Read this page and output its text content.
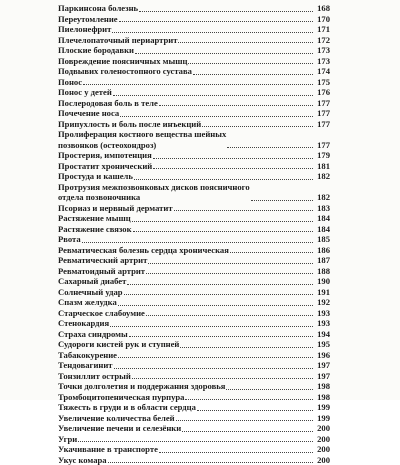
Паркинсона болезнь	168
Переутомление	170
Пиелонефрит	171
Плечелопаточный периартрит	172
Плоские бородавки	173
Повреждение поясничных мышц	173
Подвывих голеностопного сустава	174
Понос	175
Понос у детей	176
Послеродовая боль в теле	177
Почечение носа	177
Припухлость и боль после инъекций	177
Пролиферация костного вещества шейных
позвонков (остеохондроз)	177
Простерия, импотенция	179
Простатит хронический	181
Простуда и кашель	182
Протрузия межпозвонковых дисков поясничного
отдела позвоночника	182
Псориаз и нервный дерматит	183
Растяжение мышц	184
Растяжение связок	184
Рвота	185
Ревматическая болезнь сердца хроническая	186
Ревматический артрит	187
Ревматоидный артрит	188
Сахарный диабет	190
Солнечный удар	191
Спазм желудка	192
Старческое слабоумие	193
Стенокардия	193
Страха синдромы	194
Судороги кистей рук и ступней	195
Табакокурение	196
Тендовагинит	197
Тонзиллит острый	197
Точки долголетия и поддержания здоровья	198
Тромбоцитопеническая пурпура	198
Тяжесть в груди и в области сердца	199
Увеличение количества белей	199
Увеличение печени и селезёнки	200
Угри	200
Укачивание в транспорте	200
Укус комара	200
